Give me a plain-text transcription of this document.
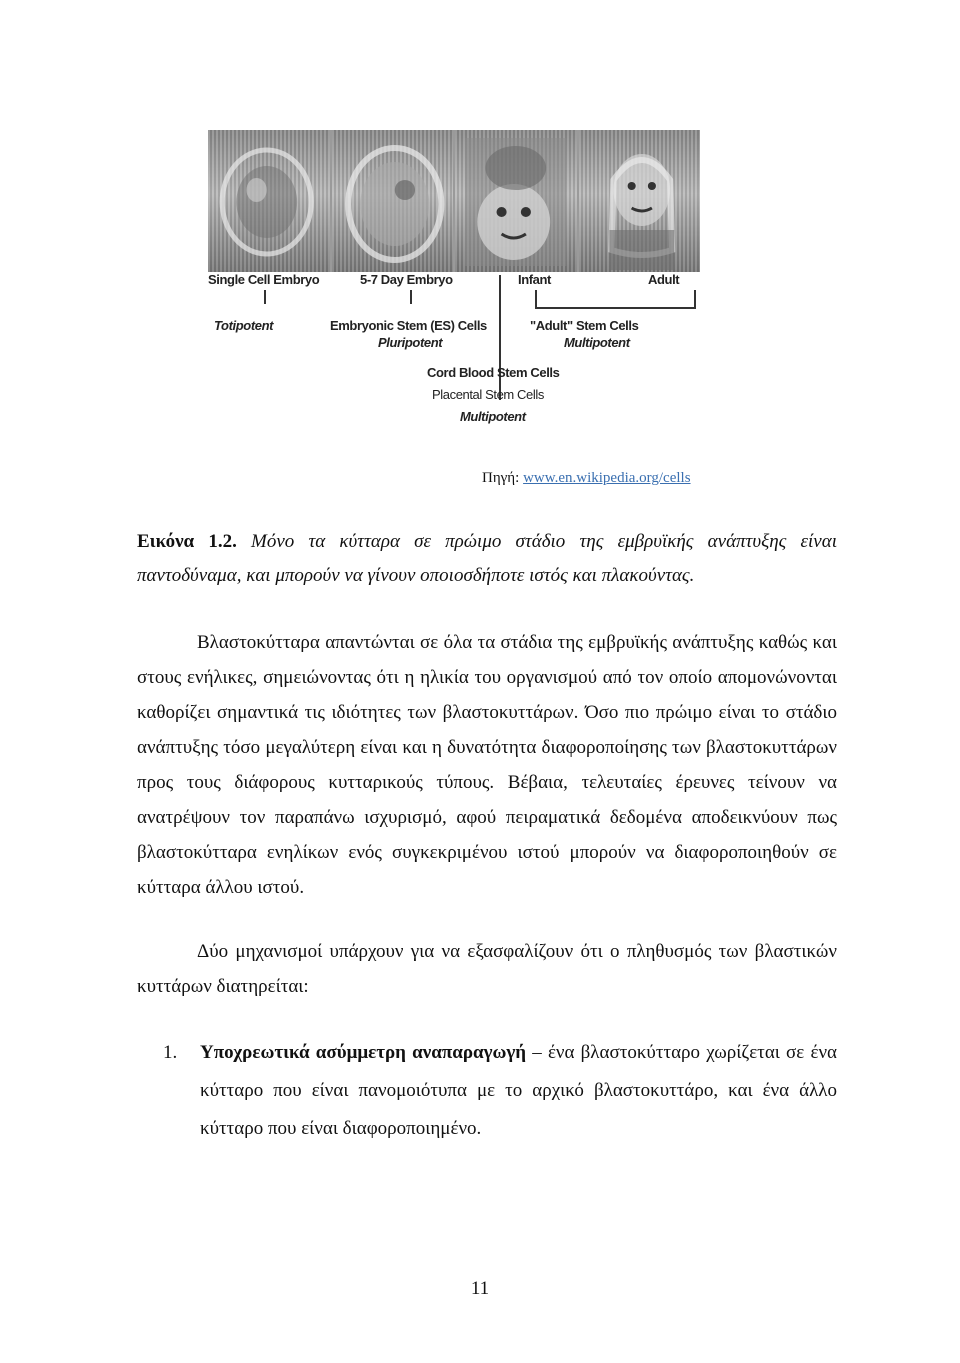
Single Cell Embryo	5-7 Day Embryo	Infant	Adult
Totipotent	Embryonic Stem (ES) Cells
Pluripotent
"Adult" Stem Cells
Multipotent
Cord Blood Stem Cells
Placental Stem Cells
Multipotent
Πηγή: www.en.wikipedia.org/cells
Εικόνα 1.2. Μόνο τα κύτταρα σε πρώιμο στάδιο της εμβρυϊκής ανάπτυξης είναι παντοδύναμα, και μπορούν να γίνουν οποιοσδήποτε ιστός και πλακούντας.
Βλαστοκύτταρα απαντώνται σε όλα τα στάδια της εμβρυϊκής ανάπτυξης καθώς και στους ενήλικες, σημειώνοντας ότι η ηλικία του οργανισμού από τον οποίο απομονώνονται καθορίζει σημαντικά τις ιδιότητες των βλαστοκυττάρων. Όσο πιο πρώιμο είναι το στάδιο ανάπτυξης τόσο μεγαλύτερη είναι και η δυνατότητα διαφοροποίησης των βλαστοκυττάρων προς τους διάφορους κυτταρικούς τύπους. Βέβαια, τελευταίες έρευνες τείνουν να ανατρέψουν τον παραπάνω ισχυρισμό, αφού πειραματικά δεδομένα αποδεικνύουν πως βλαστοκύτταρα ενηλίκων ενός συγκεκριμένου ιστού μπορούν να διαφοροποιηθούν σε κύτταρα άλλου ιστού.
Δύο μηχανισμοί υπάρχουν για να εξασφαλίζουν ότι ο πληθυσμός των βλαστικών κυττάρων διατηρείται:
1. Υποχρεωτικά ασύμμετρη αναπαραγωγή – ένα βλαστοκύτταρο χωρίζεται σε ένα κύτταρο που είναι πανομοιότυπα με το αρχικό βλαστοκυττάρο, και ένα άλλο κύτταρο που είναι διαφοροποιημένο.
11
